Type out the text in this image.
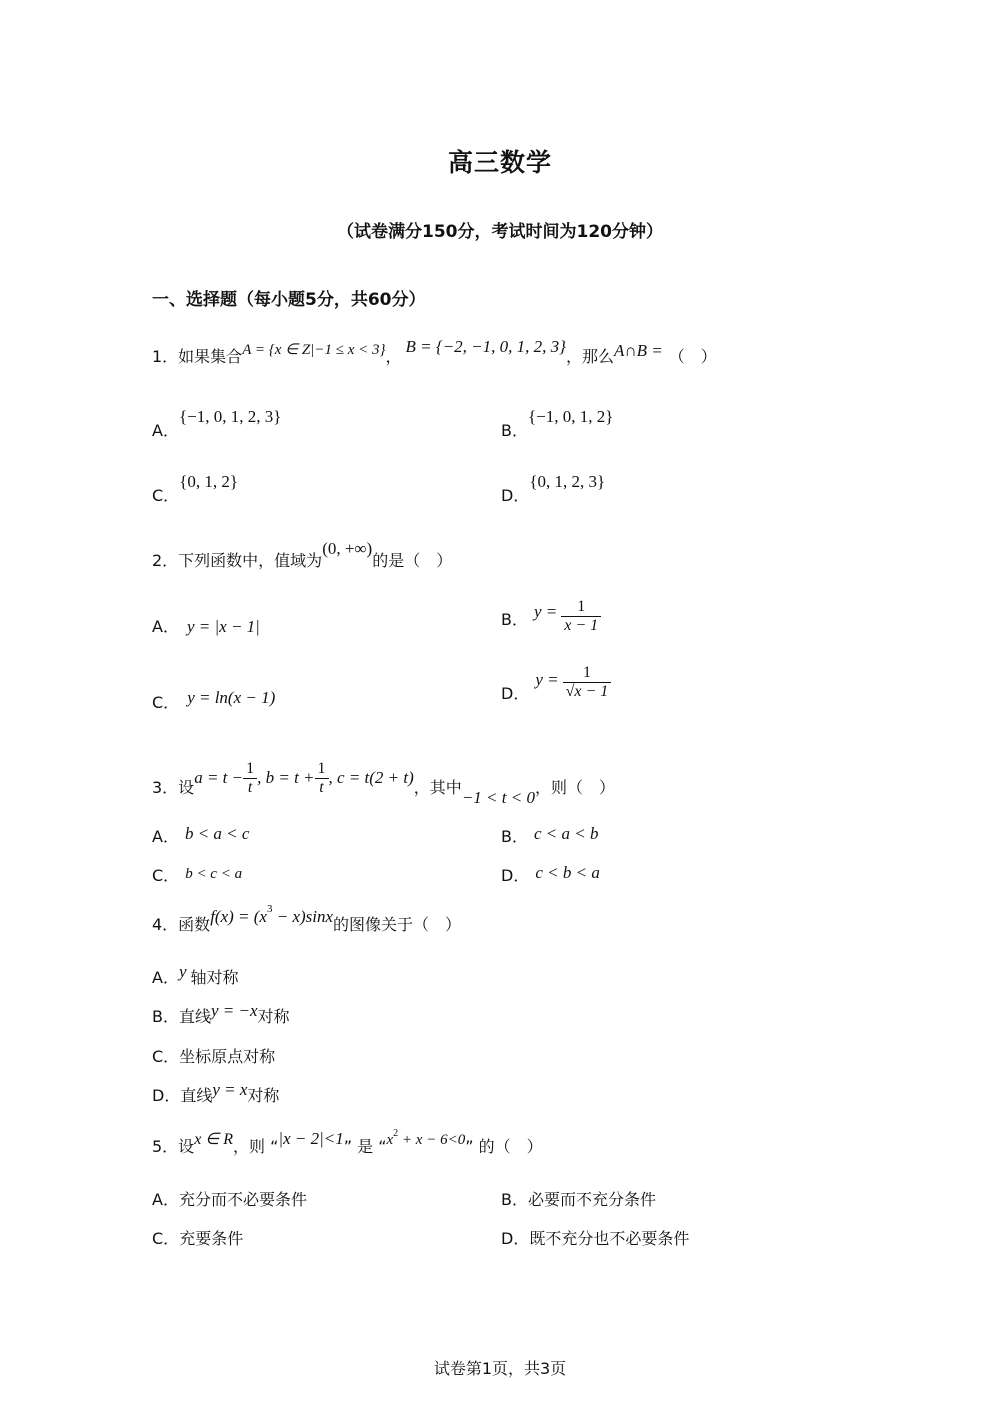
高三数学
（试卷满分150分，考试时间为120分钟）
一、选择题（每小题5分，共60分）
1．如果集合A = {x ∈ Z|−1 ≤ x < 3}，B = {−2, −1, 0, 1, 2, 3}，那么A∩B = （　）
A．{−1, 0, 1, 2, 3}
B．{−1, 0, 1, 2}
C．{0, 1, 2}
D．{0, 1, 2, 3}
2．下列函数中，值域为(0, +∞)的是（　）
A． y = |x − 1|	B． $y = \frac{1}{x - 1}$
C． y = ln(x − 1)	D．$y = \frac{1}{√x - 1}$
3．设$a = t - \frac{1}{t}$ , $b = t + \frac{1}{t}$ , c = t(2 + t)，其中−1 < t < 0，则（　）
A． b < a < c	B． c < a < b
C． b < c < a	D． c < b < a
4．函数$f(x) = (x^3 - x)\sin x$的图像关于（　）
A．y 轴对称
B．直线y = −x对称
C．坐标原点对称
D．直线y = x对称
5．设x ∈ R，则 “|x − 2|<1” 是 “$x^2 + x - 6<0$” 的（　）
A．充分而不必要条件	B．必要而不充分条件
C．充要条件	D．既不充分也不必要条件
试卷第1页，共3页
